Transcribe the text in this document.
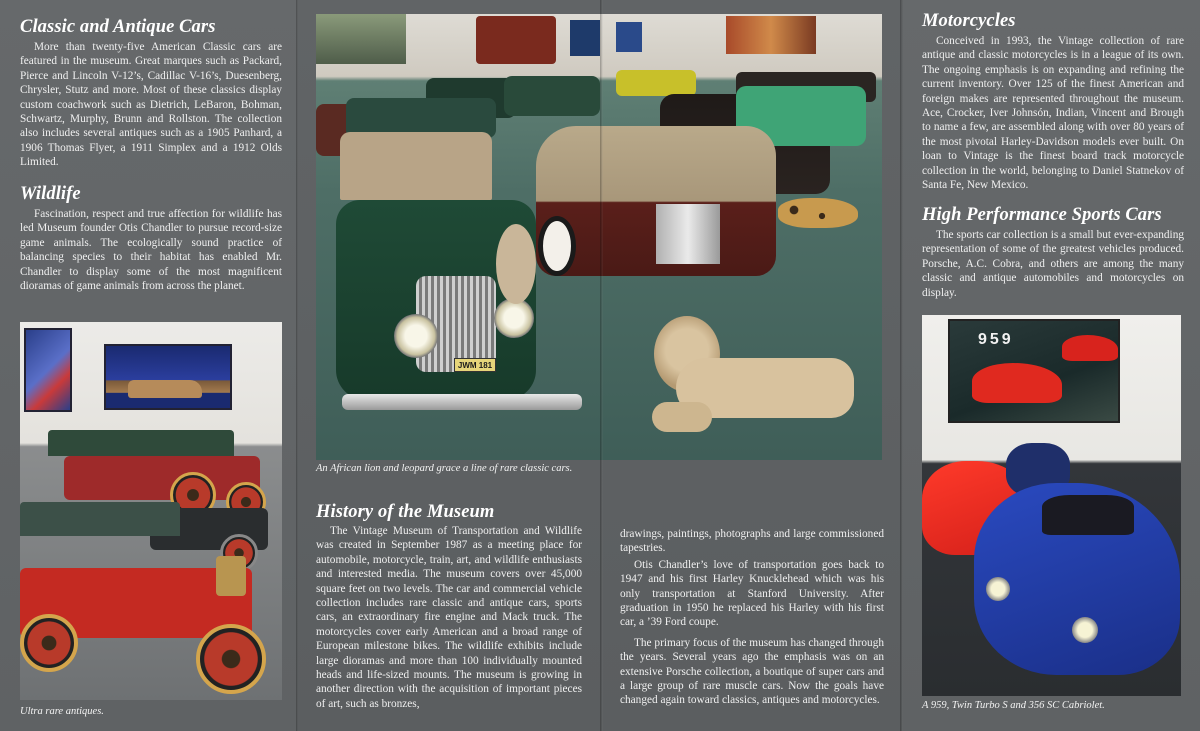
Classic and Antique Cars

More than twenty-five American Classic cars are featured in the museum. Great marques such as Packard, Pierce and Lincoln V-12’s, Cadillac V-16’s, Duesenberg, Chrysler, Stutz and more. Most of these classics display custom coachwork such as Dietrich, LeBaron, Bohman, Schwartz, Murphy, Brunn and Rollston. The collection also includes several antiques such as a 1905 Panhard, a 1906 Thomas Flyer, a 1911 Simplex and a 1912 Olds Limited.

Wildlife

Fascination, respect and true affection for wildlife has led Museum founder Otis Chandler to pursue record-size game animals. The ecologically sound practice of balancing species to their habitat has enabled Mr. Chandler to display some of the most magnificent dioramas of game animals from across the planet.

Ultra rare antiques.
An African lion and leopard grace a line of rare classic cars.
History of the Museum

The Vintage Museum of Transportation and Wildlife was created in September 1987 as a meeting place for automobile, motorcycle, train, art, and wildlife enthusiasts and interested media. The museum covers over 45,000 square feet on two levels. The car and commercial vehicle collection includes rare classic and antique cars, sports cars, an extraordinary fire engine and Mack truck. The motorcycles cover early American and a broad range of European milestone bikes. The wildlife exhibits include large dioramas and more than 100 individually mounted heads and life-sized mounts. The museum is growing in another direction with the acquisition of important pieces of art, such as bronzes,

drawings, paintings, photographs and large commissioned tapestries.

Otis Chandler’s love of transportation goes back to 1947 and his first Harley Knucklehead which was his only transportation at Stanford University. After graduation in 1950 he replaced his Harley with his first car, a ’39 Ford coupe.

The primary focus of the museum has changed through the years. Several years ago the emphasis was on an extensive Porsche collection, a boutique of super cars and a large group of rare muscle cars. Now the goals have changed again toward classics, antiques and motorcycles.

JWM 181
Motorcycles

Conceived in 1993, the Vintage collection of rare antique and classic motorcycles is in a league of its own. The ongoing emphasis is on expanding and refining the current inventory. Over 125 of the finest American and foreign makes are represented throughout the museum. Ace, Crocker, Iver Johnsón, Indian, Vincent and Brough to name a few, are assembled along with over 80 years of the most pivotal Harley-Davidson models ever built. On loan to Vintage is the finest board track motorcycle collection in the world, belonging to Daniel Statnekov of Santa Fe, New Mexico.

High Performance Sports Cars

The sports car collection is a small but ever-expanding representation of some of the greatest vehicles produced. Porsche, A.C. Cobra, and others are among the many classic and antique automobiles and motorcycles on display.

A 959, Twin Turbo S and 356 SC Cabriolet.
959
